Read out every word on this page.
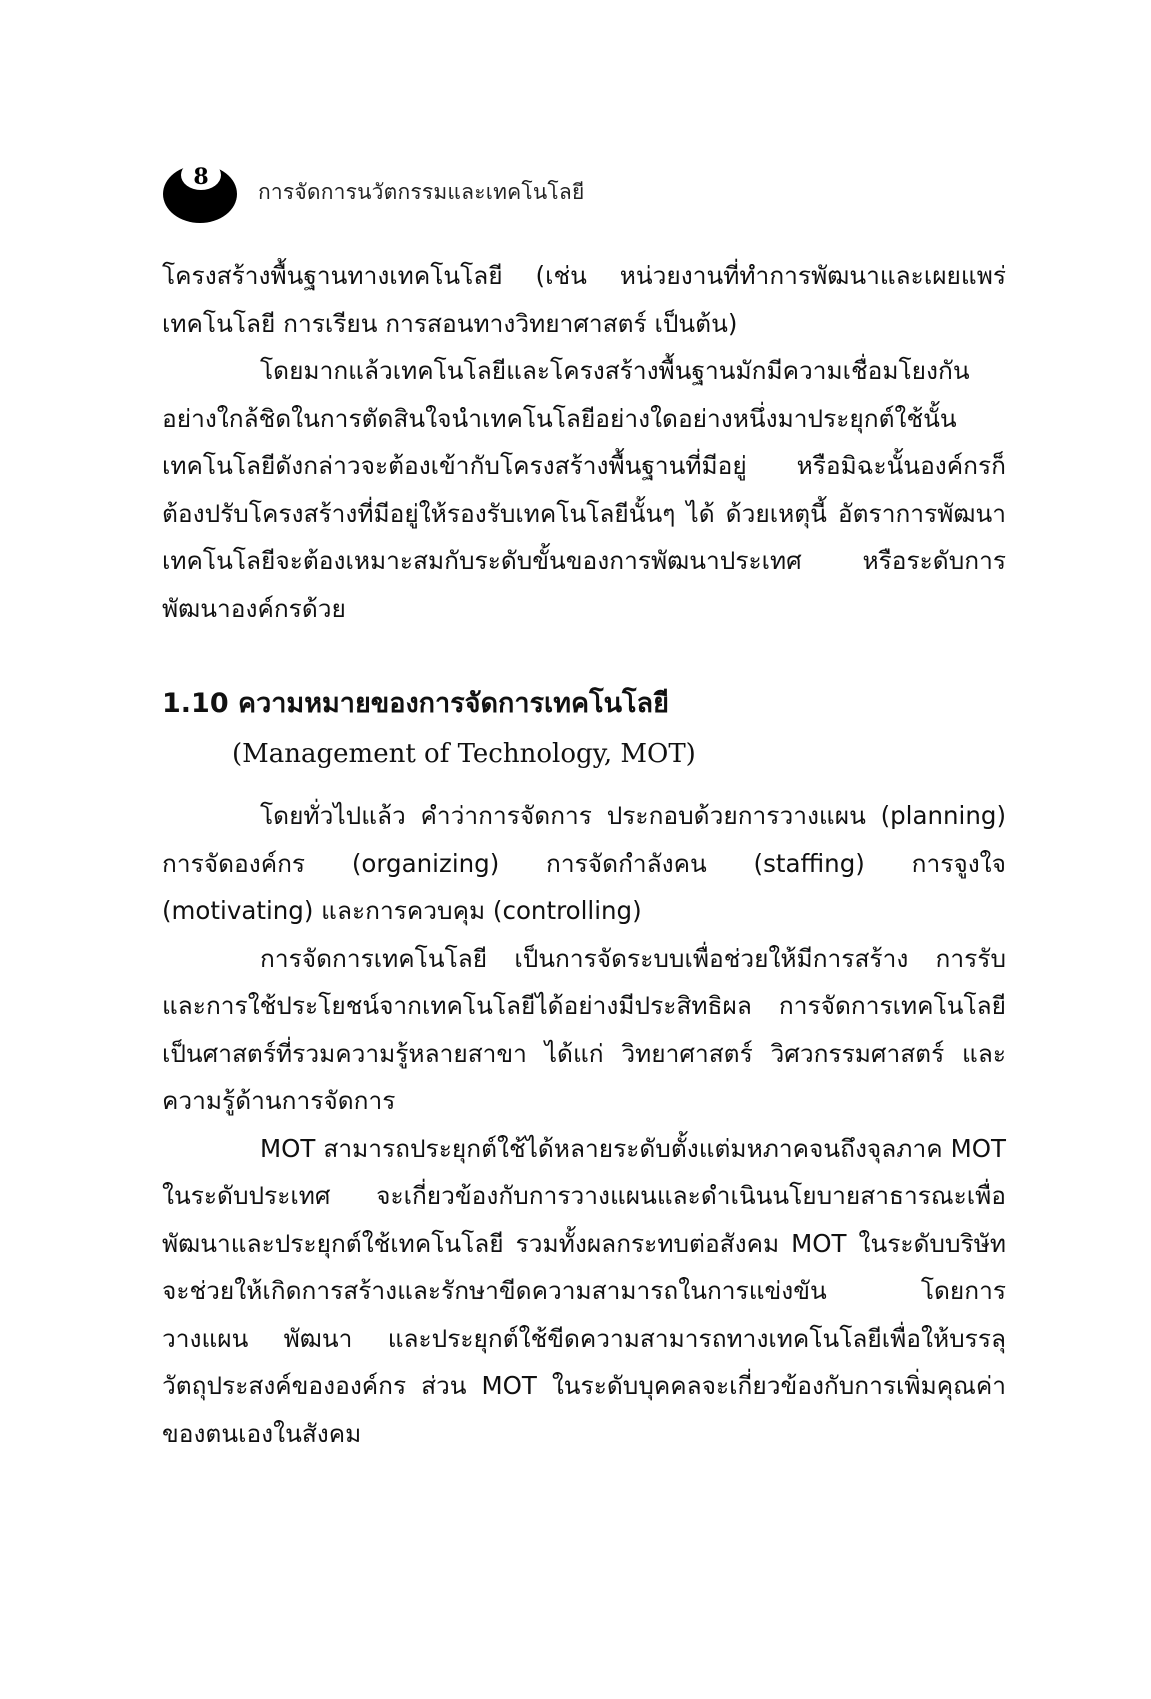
8
การจัดการนวัตกรรมและเทคโนโลยี

โครงสร้างพื้นฐานทางเทคโนโลยี (เช่น หน่วยงานที่ทำการพัฒนาและเผยแพร่เทคโนโลยี การเรียน การสอนทางวิทยาศาสตร์ เป็นต้น)

โดยมากแล้วเทคโนโลยีและโครงสร้างพื้นฐานมักมีความเชื่อมโยงกันอย่างใกล้ชิดในการตัดสินใจนำเทคโนโลยีอย่างใดอย่างหนึ่งมาประยุกต์ใช้นั้น เทคโนโลยีดังกล่าวจะต้องเข้ากับโครงสร้างพื้นฐานที่มีอยู่ หรือมิฉะนั้นองค์กรก็ต้องปรับโครงสร้างที่มีอยู่ให้รองรับเทคโนโลยีนั้นๆ ได้ ด้วยเหตุนี้ อัตราการพัฒนาเทคโนโลยีจะต้องเหมาะสมกับระดับขั้นของการพัฒนาประเทศ หรือระดับการพัฒนาองค์กรด้วย

1.10 ความหมายของการจัดการเทคโนโลยี
(Management of Technology, MOT)

โดยทั่วไปแล้ว คำว่าการจัดการ ประกอบด้วยการวางแผน (planning) การจัดองค์กร (organizing) การจัดกำลังคน (staffing) การจูงใจ (motivating) และการควบคุม (controlling)

การจัดการเทคโนโลยี เป็นการจัดระบบเพื่อช่วยให้มีการสร้าง การรับ และการใช้ประโยชน์จากเทคโนโลยีได้อย่างมีประสิทธิผล การจัดการเทคโนโลยีเป็นศาสตร์ที่รวมความรู้หลายสาขา ได้แก่ วิทยาศาสตร์ วิศวกรรมศาสตร์ และความรู้ด้านการจัดการ

MOT สามารถประยุกต์ใช้ได้หลายระดับตั้งแต่มหภาคจนถึงจุลภาค MOT ในระดับประเทศ จะเกี่ยวข้องกับการวางแผนและดำเนินนโยบายสาธารณะเพื่อพัฒนาและประยุกต์ใช้เทคโนโลยี รวมทั้งผลกระทบต่อสังคม MOT ในระดับบริษัทจะช่วยให้เกิดการสร้างและรักษาขีดความสามารถในการแข่งขัน โดยการวางแผน พัฒนา และประยุกต์ใช้ขีดความสามารถทางเทคโนโลยีเพื่อให้บรรลุวัตถุประสงค์ขององค์กร ส่วน MOT ในระดับบุคคลจะเกี่ยวข้องกับการเพิ่มคุณค่าของตนเองในสังคม
